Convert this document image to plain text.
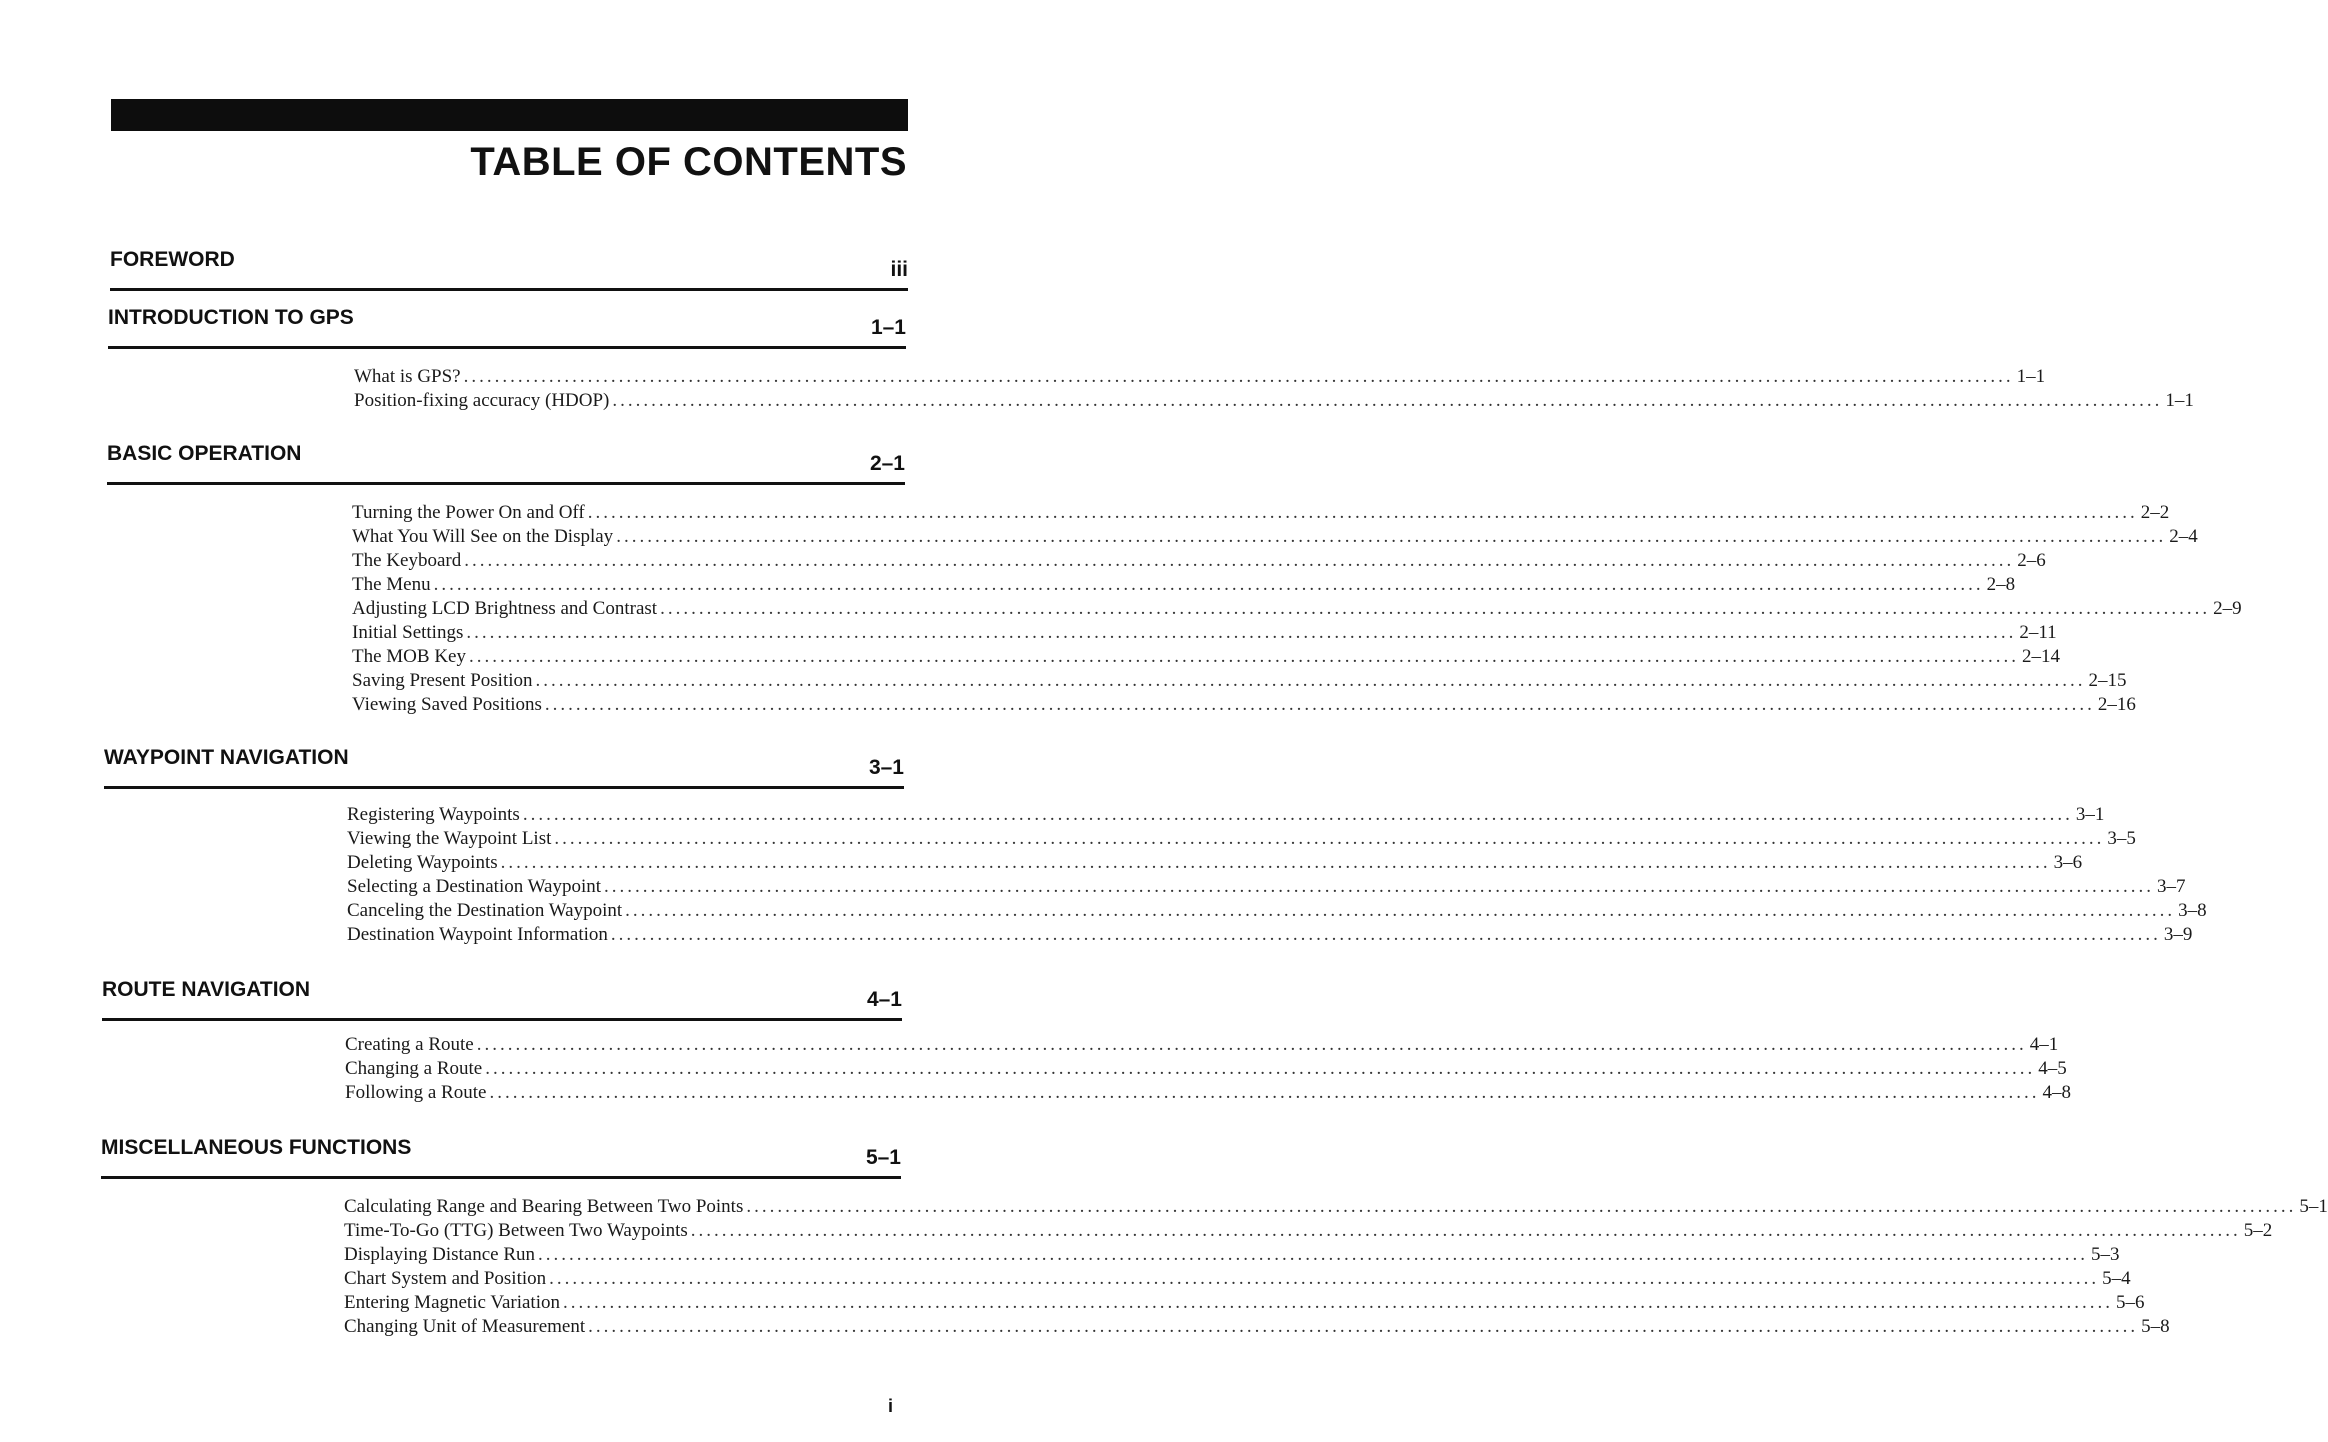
TABLE OF CONTENTS
FOREWORD	iii
INTRODUCTION TO GPS	1–1
What is GPS? ........................................................................................................................................................................................................ 1–1
Position-fixing accuracy (HDOP) ........................................................................................................................................................................................................ 1–1
BASIC OPERATION	2–1
Turning the Power On and Off ........................................................................................................................................................................................................ 2–2
What You Will See on the Display ........................................................................................................................................................................................................ 2–4
The Keyboard ........................................................................................................................................................................................................ 2–6
The Menu ........................................................................................................................................................................................................ 2–8
Adjusting LCD Brightness and Contrast ........................................................................................................................................................................................................ 2–9
Initial Settings ........................................................................................................................................................................................................ 2–11
The MOB Key ........................................................................................................................................................................................................ 2–14
Saving Present Position ........................................................................................................................................................................................................ 2–15
Viewing Saved Positions ........................................................................................................................................................................................................ 2–16
WAYPOINT NAVIGATION	3–1
Registering Waypoints ........................................................................................................................................................................................................ 3–1
Viewing the Waypoint List ........................................................................................................................................................................................................ 3–5
Deleting Waypoints ........................................................................................................................................................................................................ 3–6
Selecting a Destination Waypoint ........................................................................................................................................................................................................ 3–7
Canceling the Destination Waypoint ........................................................................................................................................................................................................ 3–8
Destination Waypoint Information ........................................................................................................................................................................................................ 3–9
ROUTE NAVIGATION	4–1
Creating a Route ........................................................................................................................................................................................................ 4–1
Changing a Route ........................................................................................................................................................................................................ 4–5
Following a Route ........................................................................................................................................................................................................ 4–8
MISCELLANEOUS FUNCTIONS	5–1
Calculating Range and Bearing Between Two Points ........................................................................................................................................................................................................ 5–1
Time-To-Go (TTG) Between Two Waypoints ........................................................................................................................................................................................................ 5–2
Displaying Distance Run ........................................................................................................................................................................................................ 5–3
Chart System and Position ........................................................................................................................................................................................................ 5–4
Entering Magnetic Variation ........................................................................................................................................................................................................ 5–6
Changing Unit of Measurement ........................................................................................................................................................................................................ 5–8
i
